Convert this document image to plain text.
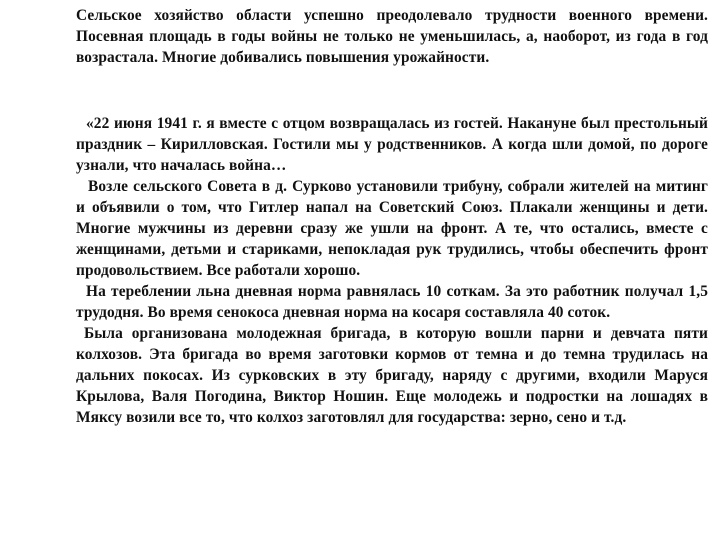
Сельское хозяйство области успешно преодолевало трудности военного времени. Посевная площадь в годы войны не только не уменьшилась, а, наоборот, из года в год возрастала. Многие добивались повышения урожайности.

«22 июня 1941 г. я вместе с отцом возвращалась из гостей. Накануне был престольный праздник – Кирилловская. Гостили мы у родственников. А когда шли домой, по дороге узнали, что началась война…

Возле сельского Совета в д. Сурково установили трибуну, собрали жителей на митинг и объявили о том, что Гитлер напал на Советский Союз. Плакали женщины и дети. Многие мужчины из деревни сразу же ушли на фронт. А те, что остались, вместе с женщинами, детьми и стариками, непокладая рук трудились, чтобы обеспечить фронт продовольствием. Все работали хорошо.

На тереблении льна дневная норма равнялась 10 соткам. За это работник получал 1,5 трудодня. Во время сенокоса дневная норма на косаря составляла 40 соток.

Была организована молодежная бригада, в которую вошли парни и девчата пяти колхозов. Эта бригада во время заготовки кормов от темна и до темна трудилась на дальних покосах. Из сурковских в эту бригаду, наряду с другими, входили Маруся Крылова, Валя Погодина, Виктор Ношин. Еще молодежь и подростки на лошадях в Мяксу возили все то, что колхоз заготовлял для государства: зерно, сено и т.д.
